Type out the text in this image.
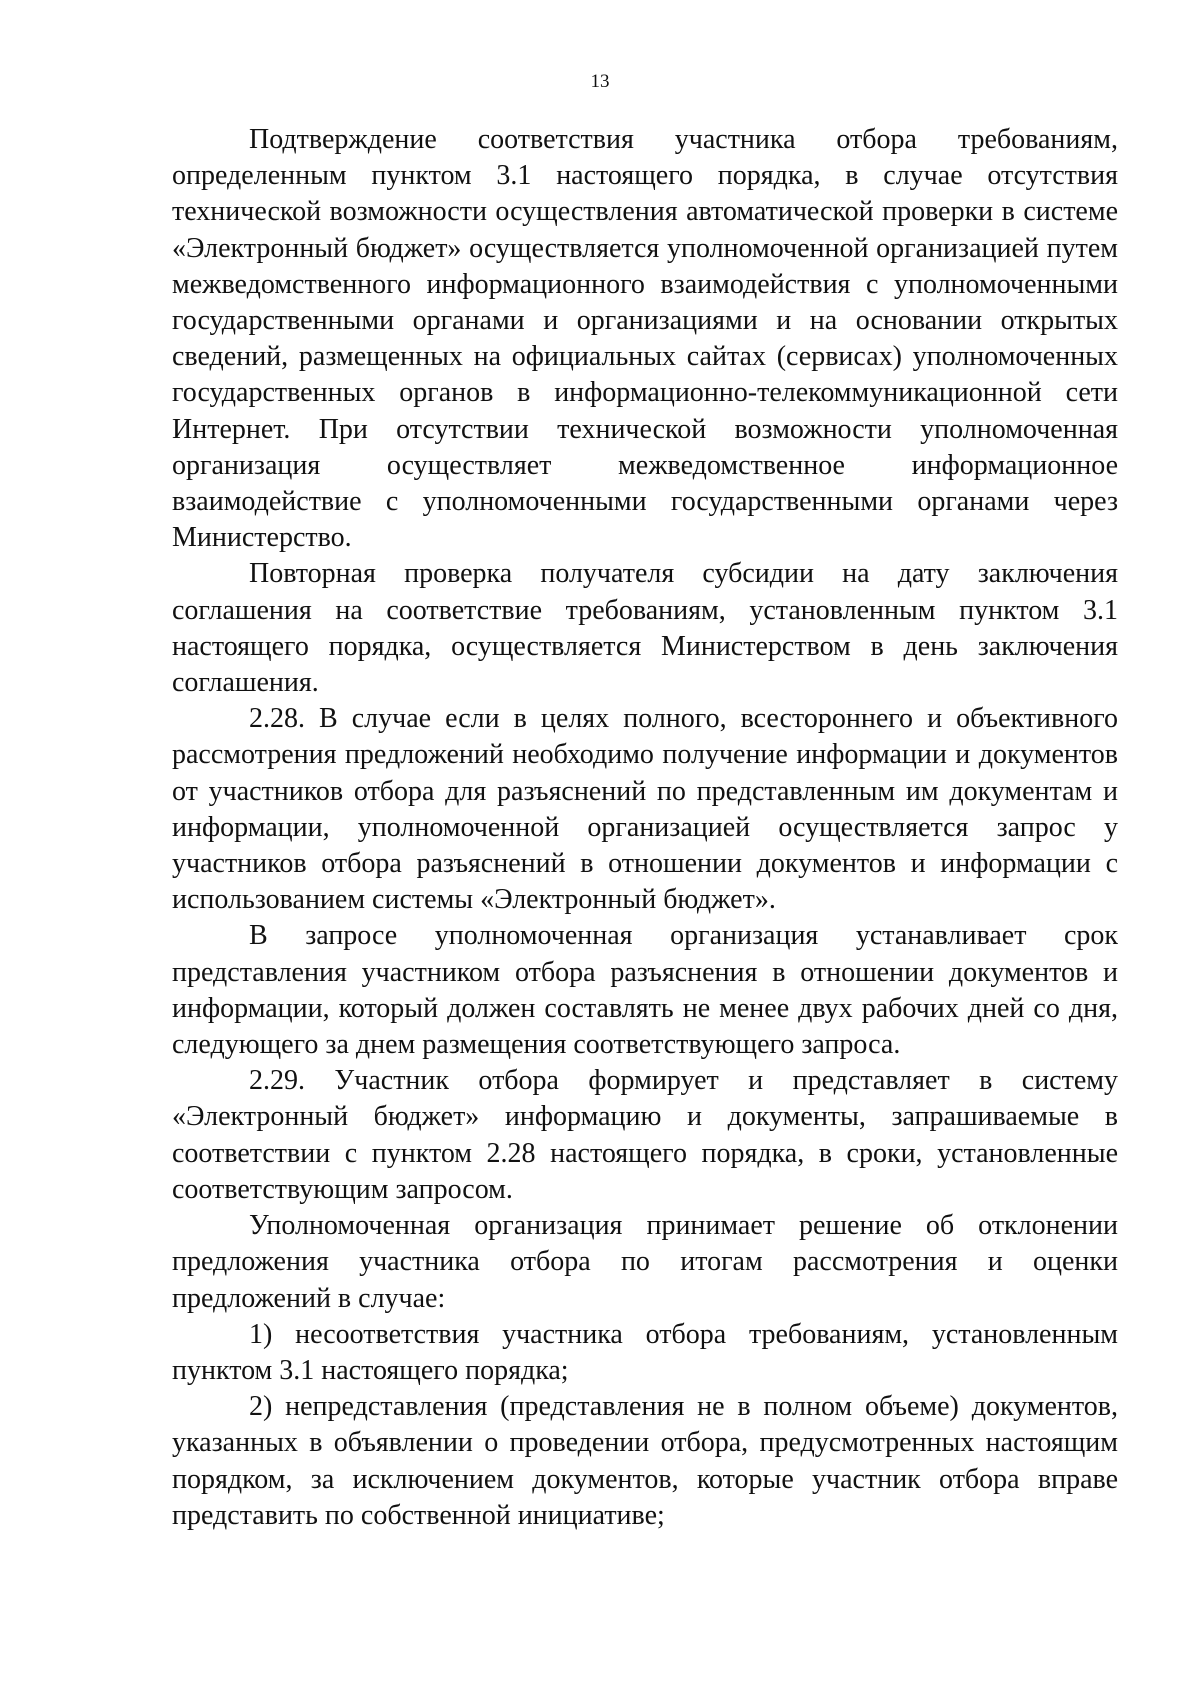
13

Подтверждение соответствия участника отбора требованиям, определенным пунктом 3.1 настоящего порядка, в случае отсутствия технической возможности осуществления автоматической проверки в системе «Электронный бюджет» осуществляется уполномоченной организацией путем межведомственного информационного взаимодействия с уполномоченными государственными органами и организациями и на основании открытых сведений, размещенных на официальных сайтах (сервисах) уполномоченных государственных органов в информационно-телекоммуникационной сети Интернет. При отсутствии технической возможности уполномоченная организация осуществляет межведомственное информационное взаимодействие с уполномоченными государственными органами через Министерство.

Повторная проверка получателя субсидии на дату заключения соглашения на соответствие требованиям, установленным пунктом 3.1 настоящего порядка, осуществляется Министерством в день заключения соглашения.

2.28. В случае если в целях полного, всестороннего и объективного рассмотрения предложений необходимо получение информации и документов от участников отбора для разъяснений по представленным им документам и информации, уполномоченной организацией осуществляется запрос у участников отбора разъяснений в отношении документов и информации с использованием системы «Электронный бюджет».

В запросе уполномоченная организация устанавливает срок представления участником отбора разъяснения в отношении документов и информации, который должен составлять не менее двух рабочих дней со дня, следующего за днем размещения соответствующего запроса.

2.29. Участник отбора формирует и представляет в систему «Электронный бюджет» информацию и документы, запрашиваемые в соответствии с пунктом 2.28 настоящего порядка, в сроки, установленные соответствующим запросом.

Уполномоченная организация принимает решение об отклонении предложения участника отбора по итогам рассмотрения и оценки предложений в случае:

1) несоответствия участника отбора требованиям, установленным пунктом 3.1 настоящего порядка;

2) непредставления (представления не в полном объеме) документов, указанных в объявлении о проведении отбора, предусмотренных настоящим порядком, за исключением документов, которые участник отбора вправе представить по собственной инициативе;
